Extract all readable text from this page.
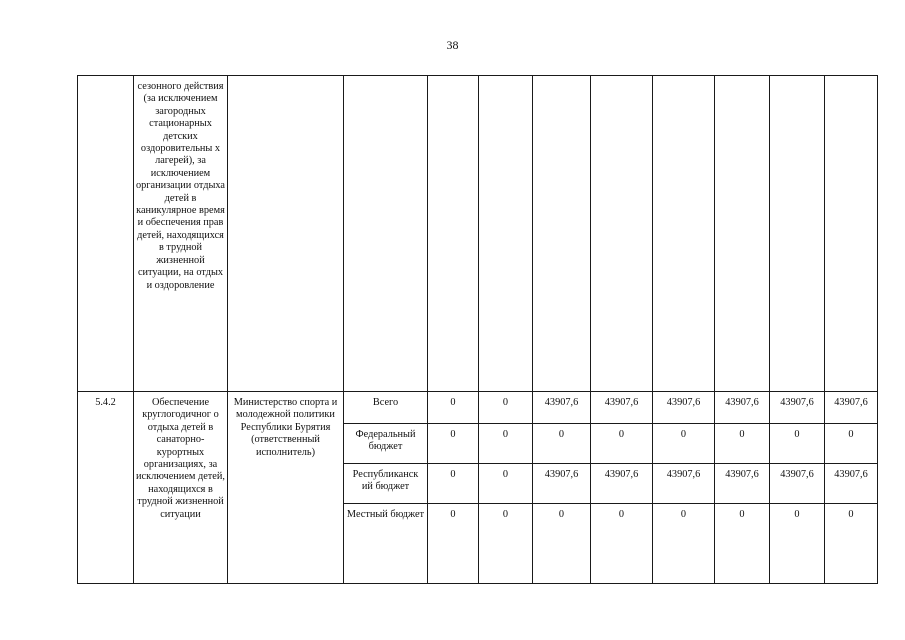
38
	сезонного действия (за исключением загородных стационарных детских оздоровительны х лагерей), за исключением организации отдыха детей в каникулярное время и обеспечения прав детей, находящихся в трудной жизненной ситуации, на отдых и оздоровление										
5.4.2	Обеспечение круглогодичног о отдыха детей в санаторно-курортных организациях, за исключением детей, находящихся в трудной жизненной ситуации	Министерство спорта и молодежной политики Республики Бурятия (ответственный исполнитель)	Всего	0	0	43907,6	43907,6	43907,6	43907,6	43907,6	43907,6
			Федеральный бюджет	0	0	0	0	0	0	0	0
			Республиканск ий бюджет	0	0	43907,6	43907,6	43907,6	43907,6	43907,6	43907,6
			Местный бюджет	0	0	0	0	0	0	0	0
